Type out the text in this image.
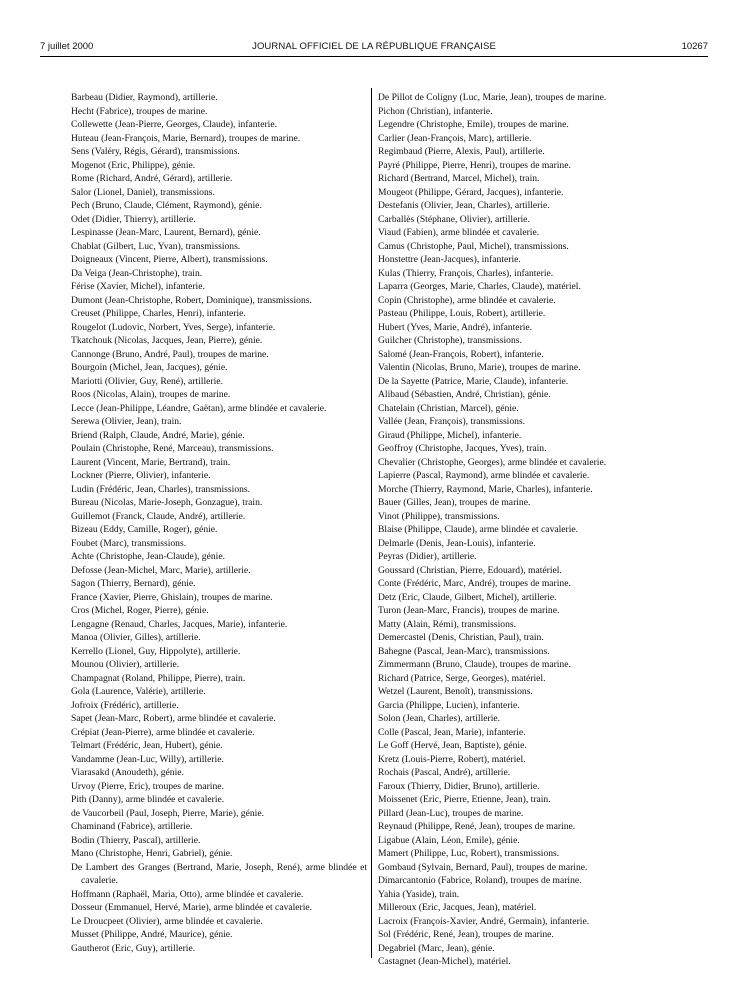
7 juillet 2000	JOURNAL OFFICIEL DE LA RÉPUBLIQUE FRANÇAISE	10267
Barbeau (Didier, Raymond), artillerie.
Hecht (Fabrice), troupes de marine.
Collewette (Jean-Pierre, Georges, Claude), infanterie.
Huteau (Jean-François, Marie, Bernard), troupes de marine.
Sens (Valéry, Régis, Gérard), transmissions.
Mogenot (Eric, Philippe), génie.
Rome (Richard, André, Gérard), artillerie.
Salor (Lionel, Daniel), transmissions.
Pech (Bruno, Claude, Clément, Raymond), génie.
Odet (Didier, Thierry), artillerie.
Lespinasse (Jean-Marc, Laurent, Bernard), génie.
Chablat (Gilbert, Luc, Yvan), transmissions.
Doigneaux (Vincent, Pierre, Albert), transmissions.
Da Veiga (Jean-Christophe), train.
Férise (Xavier, Michel), infanterie.
Dumont (Jean-Christophe, Robert, Dominique), transmissions.
Creuset (Philippe, Charles, Henri), infanterie.
Rougelot (Ludovic, Norbert, Yves, Serge), infanterie.
Tkatchouk (Nicolas, Jacques, Jean, Pierre), génie.
Cannonge (Bruno, André, Paul), troupes de marine.
Bourgoin (Michel, Jean, Jacques), génie.
Mariotti (Olivier, Guy, René), artillerie.
Roos (Nicolas, Alain), troupes de marine.
Lecce (Jean-Philippe, Léandre, Gaëtan), arme blindée et cavalerie.
Serewa (Olivier, Jean), train.
Briend (Ralph, Claude, André, Marie), génie.
Poulain (Christophe, René, Marceau), transmissions.
Laurent (Vincent, Marie, Bertrand), train.
Lockner (Pierre, Olivier), infanterie.
Ludin (Frédéric, Jean, Charles), transmissions.
Bureau (Nicolas, Marie-Joseph, Gonzague), train.
Guillemot (Franck, Claude, André), artillerie.
Bizeau (Eddy, Camille, Roger), génie.
Foubet (Marc), transmissions.
Achte (Christophe, Jean-Claude), génie.
Defosse (Jean-Michel, Marc, Marie), artillerie.
Sagon (Thierry, Bernard), génie.
France (Xavier, Pierre, Ghislain), troupes de marine.
Cros (Michel, Roger, Pierre), génie.
Lengagne (Renaud, Charles, Jacques, Marie), infanterie.
Manoa (Olivier, Gilles), artillerie.
Kerrello (Lionel, Guy, Hippolyte), artillerie.
Mounou (Olivier), artillerie.
Champagnat (Roland, Philippe, Pierre), train.
Gola (Laurence, Valérie), artillerie.
Jofroix (Frédéric), artillerie.
Sapet (Jean-Marc, Robert), arme blindée et cavalerie.
Crépiat (Jean-Pierre), arme blindée et cavalerie.
Telmart (Frédéric, Jean, Hubert), génie.
Vandamme (Jean-Luc, Willy), artillerie.
Viarasakd (Anoudeth), génie.
Urvoy (Pierre, Eric), troupes de marine.
Pith (Danny), arme blindée et cavalerie.
de Vaucorbeil (Paul, Joseph, Pierre, Marie), génie.
Chaminand (Fabrice), artillerie.
Bodin (Thierry, Pascal), artillerie.
Mano (Christophe, Henri, Gabriel), génie.
De Lambert des Granges (Bertrand, Marie, Joseph, René), arme blindée et cavalerie.
Hoffmann (Raphaël, Maria, Otto), arme blindée et cavalerie.
Dosseur (Emmanuel, Hervé, Marie), arme blindée et cavalerie.
Le Droucpeet (Olivier), arme blindée et cavalerie.
Musset (Philippe, André, Maurice), génie.
Gautherot (Eric, Guy), artillerie.
De Pillot de Coligny (Luc, Marie, Jean), troupes de marine.
Pichon (Christian), infanterie.
Legendre (Christophe, Emile), troupes de marine.
Carlier (Jean-François, Marc), artillerie.
Regimbaud (Pierre, Alexis, Paul), artillerie.
Payré (Philippe, Pierre, Henri), troupes de marine.
Richard (Bertrand, Marcel, Michel), train.
Mougeot (Philippe, Gérard, Jacques), infanterie.
Destefanis (Olivier, Jean, Charles), artillerie.
Carballès (Stéphane, Olivier), artillerie.
Viaud (Fabien), arme blindée et cavalerie.
Camus (Christophe, Paul, Michel), transmissions.
Honstettre (Jean-Jacques), infanterie.
Kulas (Thierry, François, Charles), infanterie.
Laparra (Georges, Marie, Charles, Claude), matériel.
Copin (Christophe), arme blindée et cavalerie.
Pasteau (Philippe, Louis, Robert), artillerie.
Hubert (Yves, Marie, André), infanterie.
Guilcher (Christophe), transmissions.
Salomé (Jean-François, Robert), infanterie.
Valentin (Nicolas, Bruno, Marie), troupes de marine.
De la Sayette (Patrice, Marie, Claude), infanterie.
Alibaud (Sébastien, André, Christian), génie.
Chatelain (Christian, Marcel), génie.
Vallée (Jean, François), transmissions.
Giraud (Philippe, Michel), infanterie.
Geoffroy (Christophe, Jacques, Yves), train.
Chevalier (Christophe, Georges), arme blindée et cavalerie.
Lapierre (Pascal, Raymond), arme blindée et cavalerie.
Morche (Thierry, Raymond, Marie, Charles), infanterie.
Bauer (Gilles, Jean), troupes de marine.
Vinot (Philippe), transmissions.
Blaise (Philippe, Claude), arme blindée et cavalerie.
Delmarle (Denis, Jean-Louis), infanterie.
Peyras (Didier), artillerie.
Goussard (Christian, Pierre, Edouard), matériel.
Conte (Frédéric, Marc, André), troupes de marine.
Detz (Eric, Claude, Gilbert, Michel), artillerie.
Turon (Jean-Marc, Francis), troupes de marine.
Matty (Alain, Rémi), transmissions.
Demercastel (Denis, Christian, Paul), train.
Bahegne (Pascal, Jean-Marc), transmissions.
Zimmermann (Bruno, Claude), troupes de marine.
Richard (Patrice, Serge, Georges), matériel.
Wetzel (Laurent, Benoît), transmissions.
Garcia (Philippe, Lucien), infanterie.
Solon (Jean, Charles), artillerie.
Colle (Pascal, Jean, Marie), infanterie.
Le Goff (Hervé, Jean, Baptiste), génie.
Kretz (Louis-Pierre, Robert), matériel.
Rochais (Pascal, André), artillerie.
Faroux (Thierry, Didier, Bruno), artillerie.
Moissenet (Eric, Pierre, Etienne, Jean), train.
Pillard (Jean-Luc), troupes de marine.
Reynaud (Philippe, René, Jean), troupes de marine.
Ligabue (Alain, Léon, Emile), génie.
Mamert (Philippe, Luc, Robert), transmissions.
Gombaud (Sylvain, Bernard, Paul), troupes de marine.
Dimarcantonio (Fabrice, Roland), troupes de marine.
Yahia (Yaside), train.
Milleroux (Eric, Jacques, Jean), matériel.
Lacroix (François-Xavier, André, Germain), infanterie.
Sol (Frédéric, René, Jean), troupes de marine.
Degabriel (Marc, Jean), génie.
Castagnet (Jean-Michel), matériel.
